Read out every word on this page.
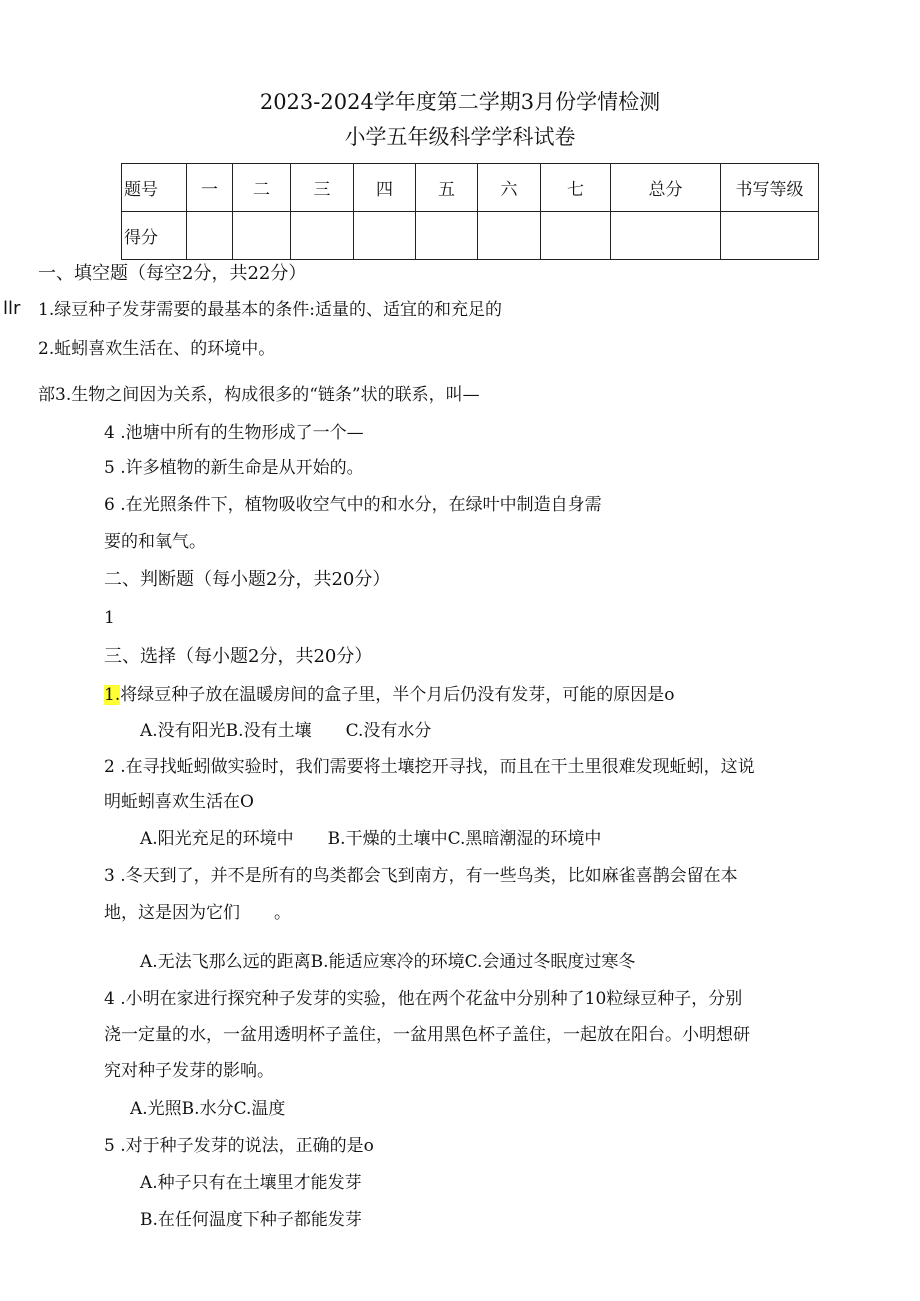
2023-2024学年度第二学期3月份学情检测
小学五年级科学学科试卷
题号	一	二	三	四	五	六	七	总分	书写等级
得分									
一、填空题（每空2分，共22分）
llr 1.绿豆种子发芽需要的最基本的条件:适量的、适宜的和充足的
2.蚯蚓喜欢生活在、的环境中。
部3.生物之间因为关系，构成很多的“链条”状的联系，叫—
4 .池塘中所有的生物形成了一个—
5 .许多植物的新生命是从开始的。
6 .在光照条件下，植物吸收空气中的和水分，在绿叶中制造自身需
要的和氧气。
二、判断题（每小题2分，共20分）
1
三、选择（每小题2分，共20分）
1.将绿豆种子放在温暖房间的盒子里，半个月后仍没有发芽，可能的原因是o
A.没有阳光B.没有土壤　　C.没有水分
2 .在寻找蚯蚓做实验时，我们需要将土壤挖开寻找，而且在干土里很难发现蚯蚓，这说
明蚯蚓喜欢生活在O
A.阳光充足的环境中　　B.干燥的土壤中C.黑暗潮湿的环境中
3 .冬天到了，并不是所有的鸟类都会飞到南方，有一些鸟类，比如麻雀喜鹊会留在本
地，这是因为它们　　。
A.无法飞那么远的距离B.能适应寒冷的环境C.会通过冬眠度过寒冬
4 .小明在家进行探究种子发芽的实验，他在两个花盆中分别种了10粒绿豆种子，分别
浇一定量的水，一盆用透明杯子盖住，一盆用黑色杯子盖住，一起放在阳台。小明想研
究对种子发芽的影响。
A.光照B.水分C.温度
5 .对于种子发芽的说法，正确的是o
A.种子只有在土壤里才能发芽
B.在任何温度下种子都能发芽
